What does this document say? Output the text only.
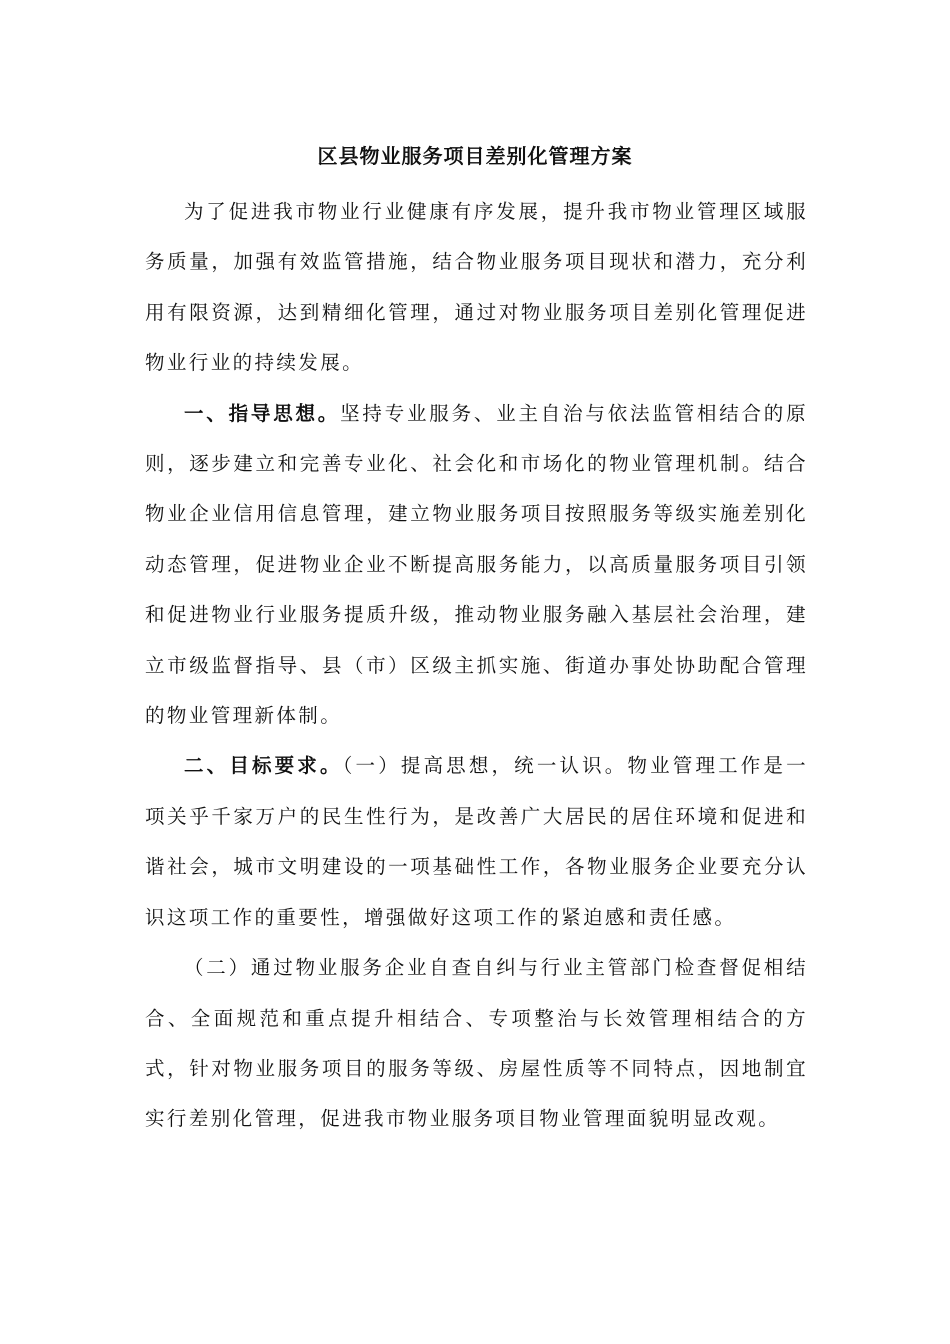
区县物业服务项目差别化管理方案

为了促进我市物业行业健康有序发展，提升我市物业管理区域服务质量，加强有效监管措施，结合物业服务项目现状和潜力，充分利用有限资源，达到精细化管理，通过对物业服务项目差别化管理促进物业行业的持续发展。

一、指导思想。坚持专业服务、业主自治与依法监管相结合的原则，逐步建立和完善专业化、社会化和市场化的物业管理机制。结合物业企业信用信息管理，建立物业服务项目按照服务等级实施差别化动态管理，促进物业企业不断提高服务能力，以高质量服务项目引领和促进物业行业服务提质升级，推动物业服务融入基层社会治理，建立市级监督指导、县（市）区级主抓实施、街道办事处协助配合管理的物业管理新体制。

二、目标要求。（一）提高思想，统一认识。物业管理工作是一项关乎千家万户的民生性行为，是改善广大居民的居住环境和促进和谐社会，城市文明建设的一项基础性工作，各物业服务企业要充分认识这项工作的重要性，增强做好这项工作的紧迫感和责任感。

（二）通过物业服务企业自查自纠与行业主管部门检查督促相结合、全面规范和重点提升相结合、专项整治与长效管理相结合的方式，针对物业服务项目的服务等级、房屋性质等不同特点，因地制宜实行差别化管理，促进我市物业服务项目物业管理面貌明显改观。
